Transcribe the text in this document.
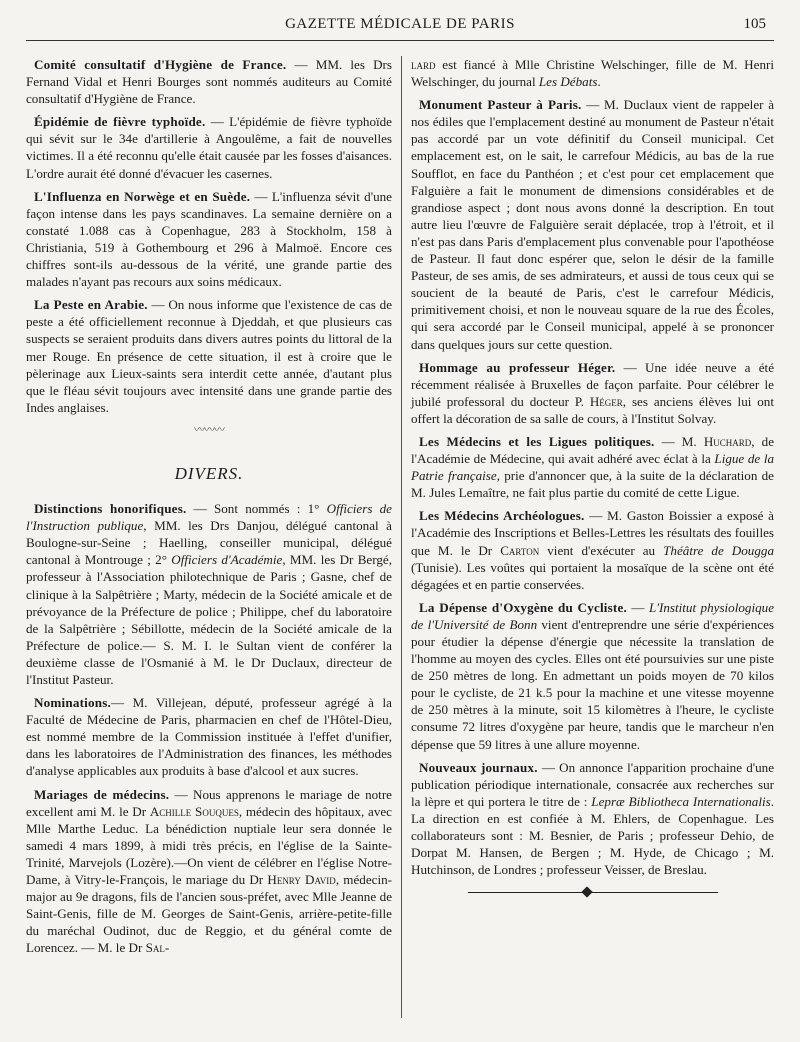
GAZETTE MÉDICALE DE PARIS	105

Comité consultatif d'Hygiène de France. — MM. les Drs Fernand Vidal et Henri Bourges sont nommés auditeurs au Comité consultatif d'Hygiène de France.

Épidémie de fièvre typhoïde. — L'épidémie de fièvre typhoïde qui sévit sur le 34e d'artillerie à Angoulême, a fait de nouvelles victimes. Il a été reconnu qu'elle était causée par les fosses d'aisances. L'ordre aurait été donné d'évacuer les casernes.

L'Influenza en Norwège et en Suède. — L'influenza sévit d'une façon intense dans les pays scandinaves. La semaine dernière on a constaté 1.088 cas à Copenhague, 283 à Stockholm, 158 à Christiania, 519 à Gothembourg et 296 à Malmoë. Encore ces chiffres sont-ils au-dessous de la vérité, une grande partie des malades n'ayant pas recours aux soins médicaux.

La Peste en Arabie. — On nous informe que l'existence de cas de peste a été officiellement reconnue à Djeddah, et que plusieurs cas suspects se seraient produits dans divers autres points du littoral de la mer Rouge. En présence de cette situation, il est à croire que le pèlerinage aux Lieux-saints sera interdit cette année, d'autant plus que le fléau sévit toujours avec intensité dans une grande partie des Indes anglaises.

〰〰〰
DIVERS.

Distinctions honorifiques. — Sont nommés : 1° Officiers de l'Instruction publique, MM. les Drs Danjou, délégué cantonal à Boulogne-sur-Seine ; Haelling, conseiller municipal, délégué cantonal à Montrouge ; 2° Officiers d'Académie, MM. les Dr Bergé, professeur à l'Association philotechnique de Paris ; Gasne, chef de clinique à la Salpêtrière ; Marty, médecin de la Société amicale et de prévoyance de la Préfecture de police ; Philippe, chef du laboratoire de la Salpêtrière ; Sébillotte, médecin de la Société amicale de la Préfecture de police.— S. M. I. le Sultan vient de conférer la deuxième classe de l'Osmanié à M. le Dr Duclaux, directeur de l'Institut Pasteur.

Nominations.— M. Villejean, député, professeur agrégé à la Faculté de Médecine de Paris, pharmacien en chef de l'Hôtel-Dieu, est nommé membre de la Commission instituée à l'effet d'unifier, dans les laboratoires de l'Administration des finances, les méthodes d'analyse applicables aux produits à base d'alcool et aux sucres.

Mariages de médecins. — Nous apprenons le mariage de notre excellent ami M. le Dr Achille Souques, médecin des hôpitaux, avec Mlle Marthe Leduc. La bénédiction nuptiale leur sera donnée le samedi 4 mars 1899, à midi très précis, en l'église de la Sainte-Trinité, Marvejols (Lozère).—On vient de célébrer en l'église Notre-Dame, à Vitry-le-François, le mariage du Dr Henry David, médecin-major au 9e dragons, fils de l'ancien sous-préfet, avec Mlle Jeanne de Saint-Genis, fille de M. Georges de Saint-Genis, arrière-petite-fille du maréchal Oudinot, duc de Reggio, et du général comte de Lorencez. — M. le Dr Sal-

lard est fiancé à Mlle Christine Welschinger, fille de M. Henri Welschinger, du journal Les Débats.

Monument Pasteur à Paris. — M. Duclaux vient de rappeler à nos édiles que l'emplacement destiné au monument de Pasteur n'était pas accordé par un vote définitif du Conseil municipal. Cet emplacement est, on le sait, le carrefour Médicis, au bas de la rue Soufflot, en face du Panthéon ; et c'est pour cet emplacement que Falguière a fait le monument de dimensions considérables et de grandiose aspect ; dont nous avons donné la description. En tout autre lieu l'œuvre de Falguière serait déplacée, trop à l'étroit, et il n'est pas dans Paris d'emplacement plus convenable pour l'apothéose de Pasteur. Il faut donc espérer que, selon le désir de la famille Pasteur, de ses amis, de ses admirateurs, et aussi de tous ceux qui se soucient de la beauté de Paris, c'est le carrefour Médicis, primitivement choisi, et non le nouveau square de la rue des Écoles, qui sera accordé par le Conseil municipal, appelé à se prononcer dans quelques jours sur cette question.

Hommage au professeur Héger. — Une idée neuve a été récemment réalisée à Bruxelles de façon parfaite. Pour célébrer le jubilé professoral du docteur P. Héger, ses anciens élèves lui ont offert la décoration de sa salle de cours, à l'Institut Solvay.

Les Médecins et les Ligues politiques. — M. Huchard, de l'Académie de Médecine, qui avait adhéré avec éclat à la Ligue de la Patrie française, prie d'annoncer que, à la suite de la déclaration de M. Jules Lemaître, ne fait plus partie du comité de cette Ligue.

Les Médecins Archéologues. — M. Gaston Boissier a exposé à l'Académie des Inscriptions et Belles-Lettres les résultats des fouilles que M. le Dr Carton vient d'exécuter au Théâtre de Dougga (Tunisie). Les voûtes qui portaient la mosaïque de la scène ont été dégagées et en partie conservées.

La Dépense d'Oxygène du Cycliste. — L'Institut physiologique de l'Université de Bonn vient d'entreprendre une série d'expériences pour étudier la dépense d'énergie que nécessite la translation de l'homme au moyen des cycles. Elles ont été poursuivies sur une piste de 250 mètres de long. En admettant un poids moyen de 70 kilos pour le cycliste, de 21 k.5 pour la machine et une vitesse moyenne de 250 mètres à la minute, soit 15 kilomètres à l'heure, le cycliste consume 72 litres d'oxygène par heure, tandis que le marcheur n'en dépense que 59 litres à une allure moyenne.

Nouveaux journaux. — On annonce l'apparition prochaine d'une publication périodique internationale, consacrée aux recherches sur la lèpre et qui portera le titre de : Lepræ Bibliotheca Internationalis. La direction en est confiée à M. Ehlers, de Copenhague. Les collaborateurs sont : M. Besnier, de Paris ; professeur Dehio, de Dorpat M. Hansen, de Bergen ; M. Hyde, de Chicago ; M. Hutchinson, de Londres ; professeur Veisser, de Breslau.
